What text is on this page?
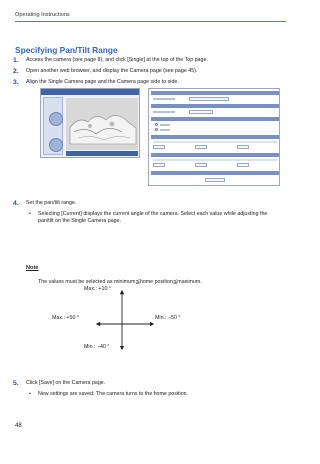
Operating Instructions
Specifying Pan/Tilt Range
1. Access the camera (see page 8), and click [Single] at the top of the Top page.
2. Open another web browser, and display the Camera page (see page 45).
3. Align the Single Camera page and the Camera page side to side.
4. Set the pan/tilt range.
• Selecting [Current] displays the current angle of the camera. Select each value while adjusting the pan/tilt on the Single Camera page.
Note
The values must be selected as minimum≦home position≦maximum.
Max.: +10 °
Max.: +50 °	Min.: −50 °
Min.: −40 °
5. Click [Save] on the Camera page.
• New settings are saved. The camera turns to the home position.
48
